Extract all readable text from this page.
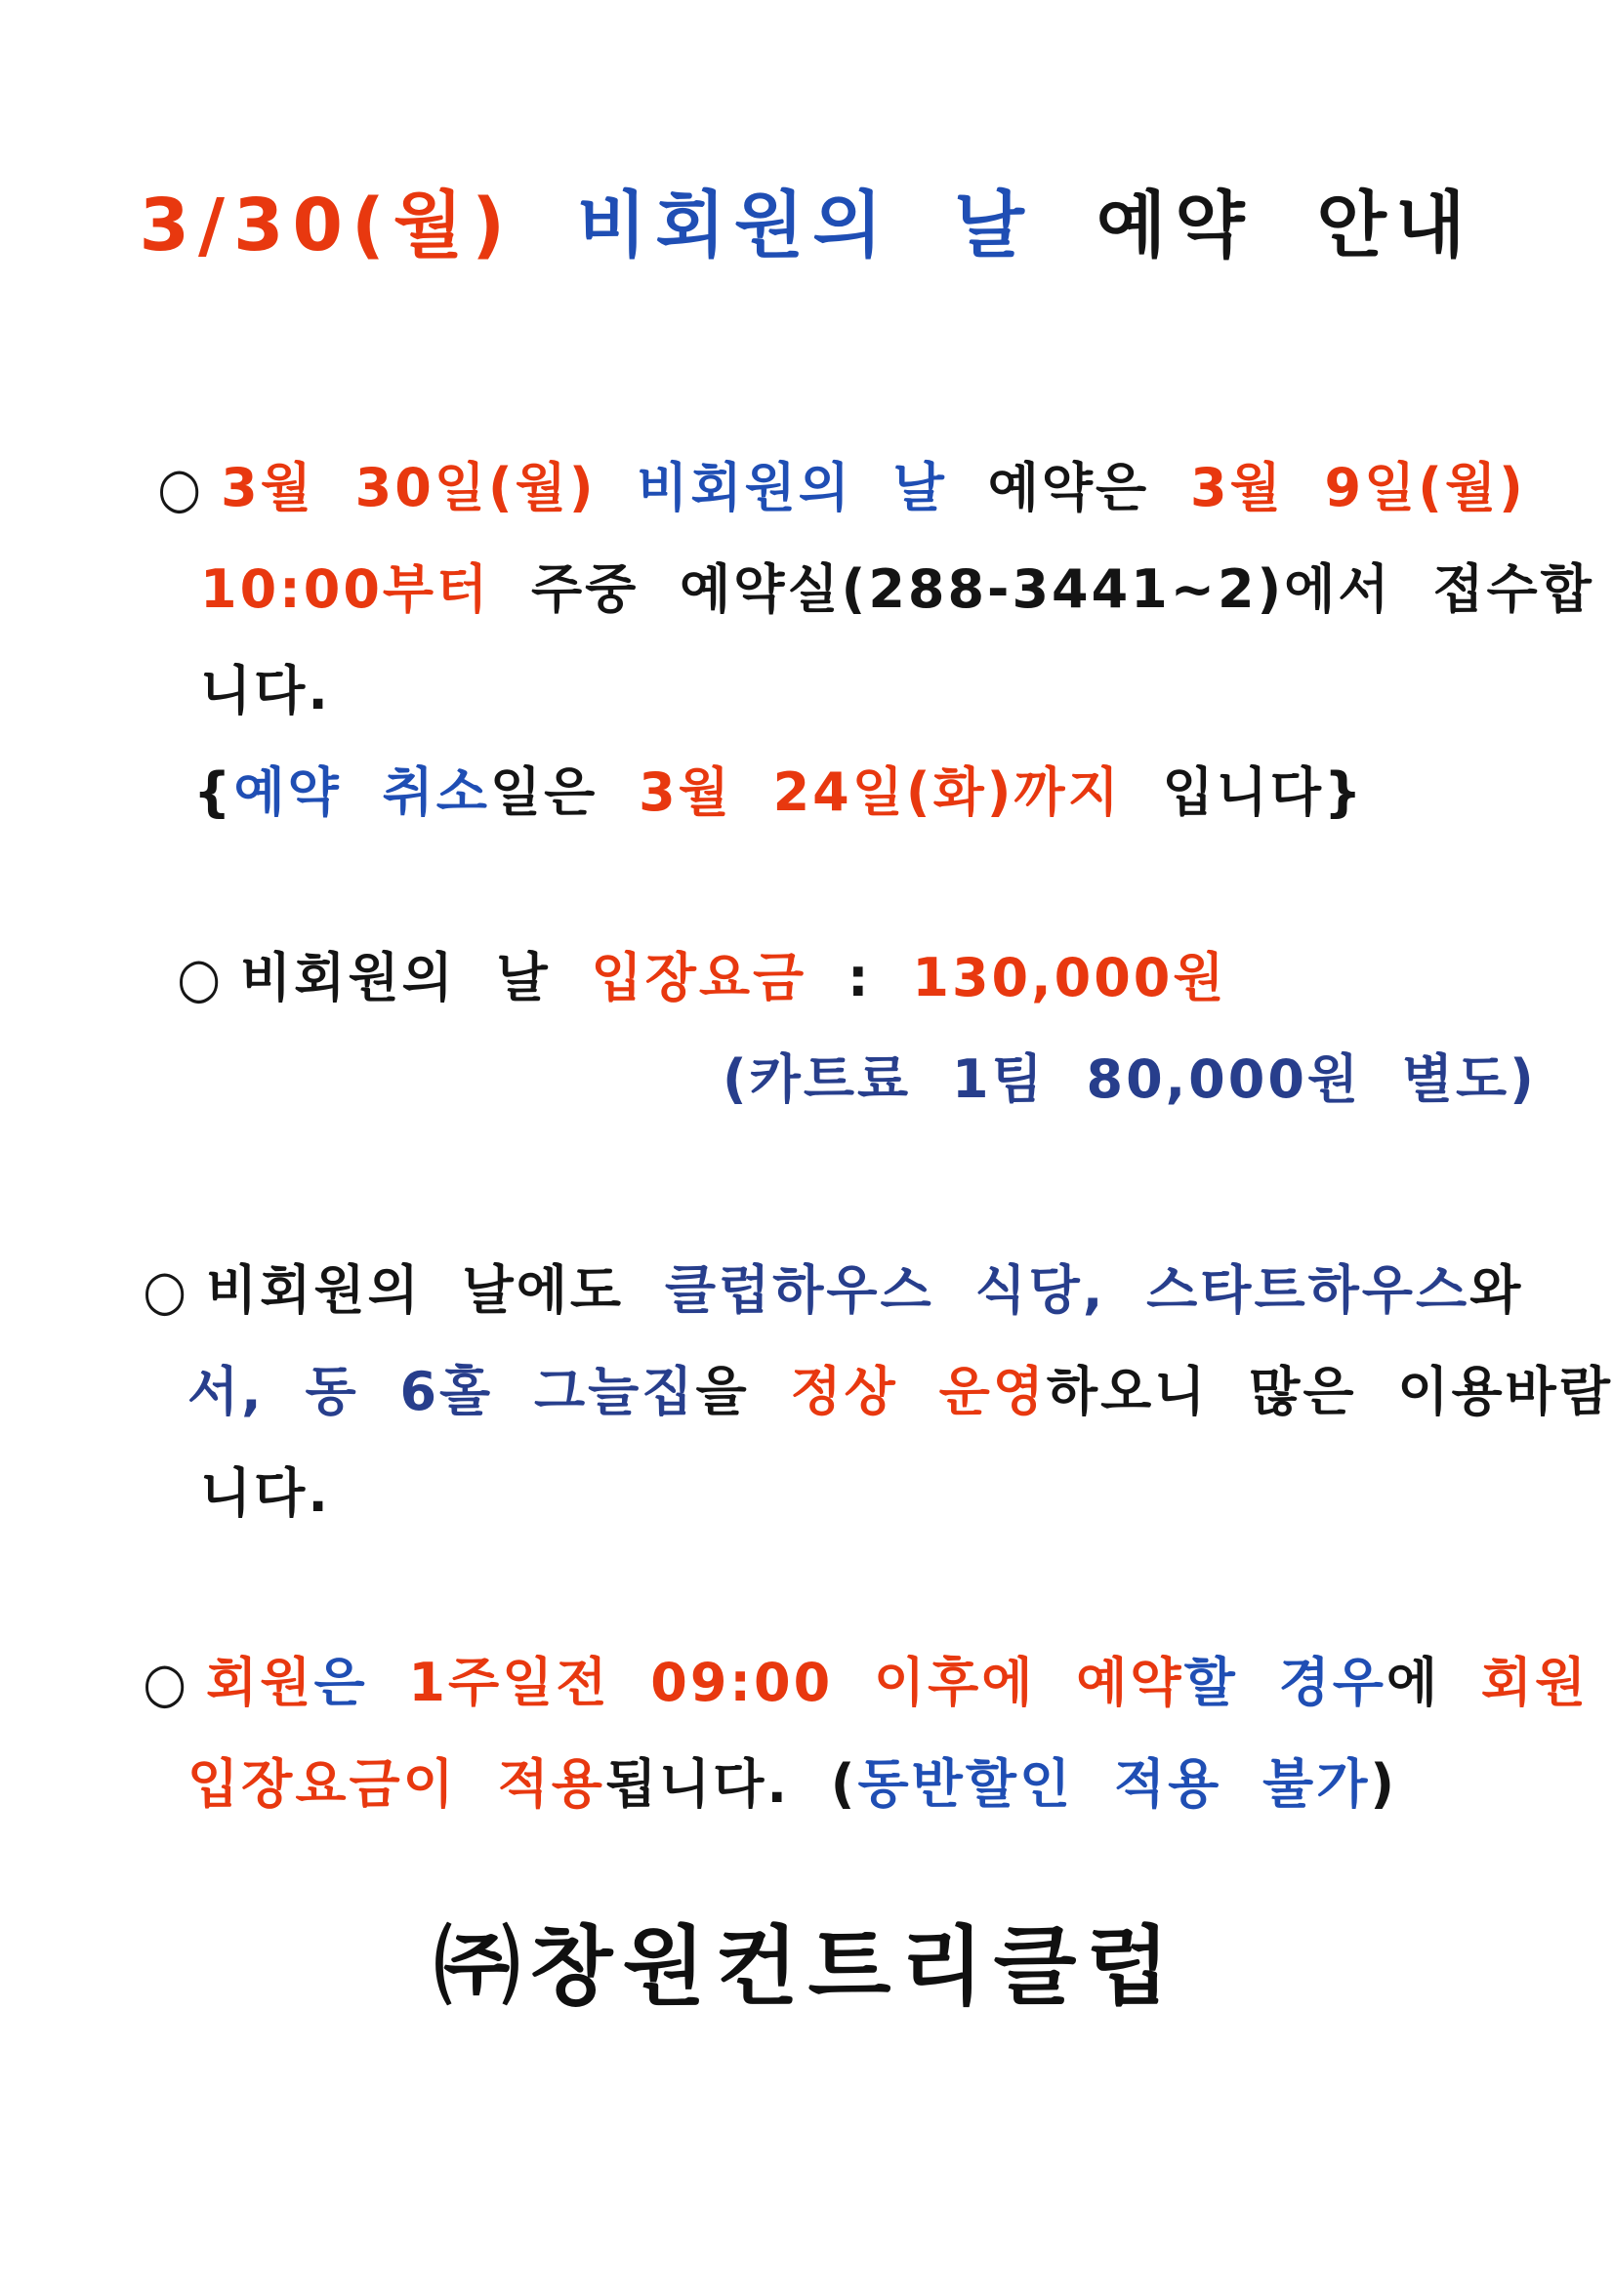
3/30(월) 비회원의 날 예약 안내
○ 3월 30일(월) 비회원의 날 예약은 3월 9일(월)
10:00부터 주중 예약실(288-3441~2)에서 접수합
니다.
{예약 취소일은 3월 24일(화)까지 입니다}
○ 비회원의 날 입장요금 : 130,000원
(카트료 1팀 80,000원 별도)
○ 비회원의 날에도 클럽하우스 식당, 스타트하우스와
서, 동 6홀 그늘집을 정상 운영하오니 많은 이용바람
니다.
○ 회원은 1주일전 09:00 이후에 예약할 경우에 회원
입장요금이 적용됩니다. (동반할인 적용 불가)
㈜창원컨트리클럽
